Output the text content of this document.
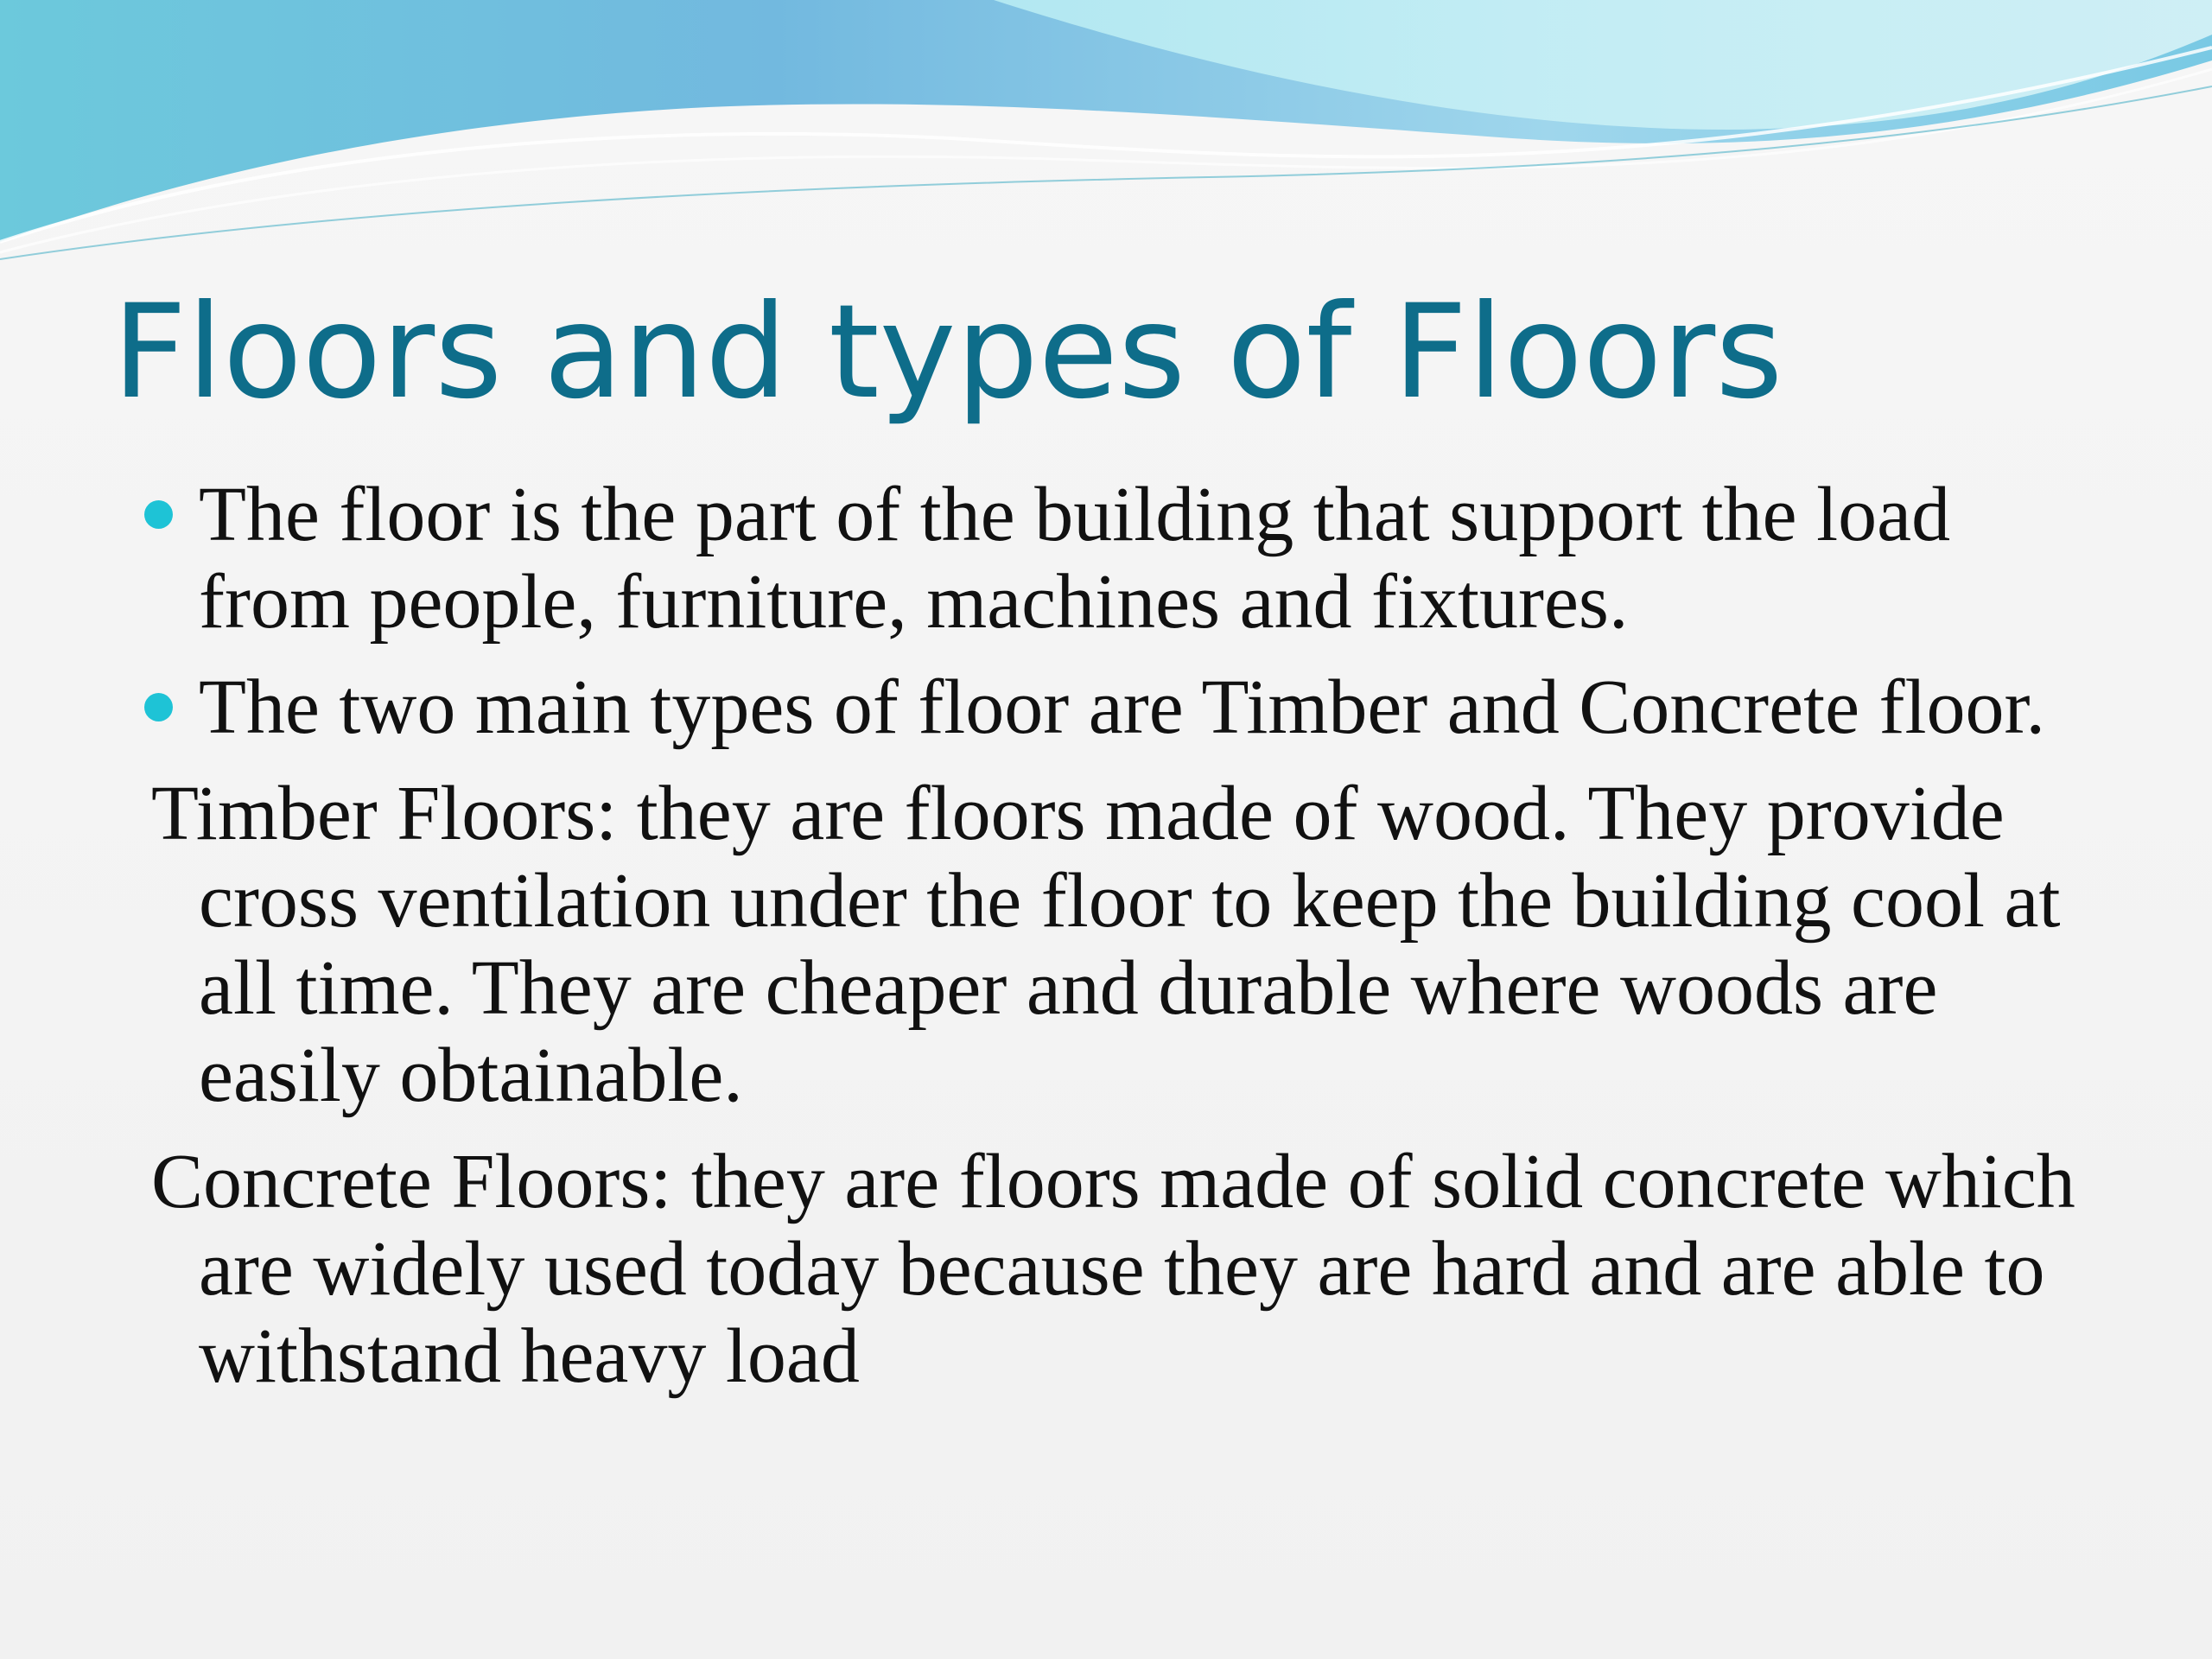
Floors and types of Floors

The floor is the part of the building that support the load from people, furniture, machines and fixtures.

The two main types of floor are Timber and Concrete floor.

Timber Floors: they are floors made of wood. They provide cross ventilation under the floor to keep the building cool at all time. They are cheaper and durable where woods are easily obtainable.

Concrete Floors: they are floors made of solid concrete which are widely used today because they are hard and are able to withstand heavy load
